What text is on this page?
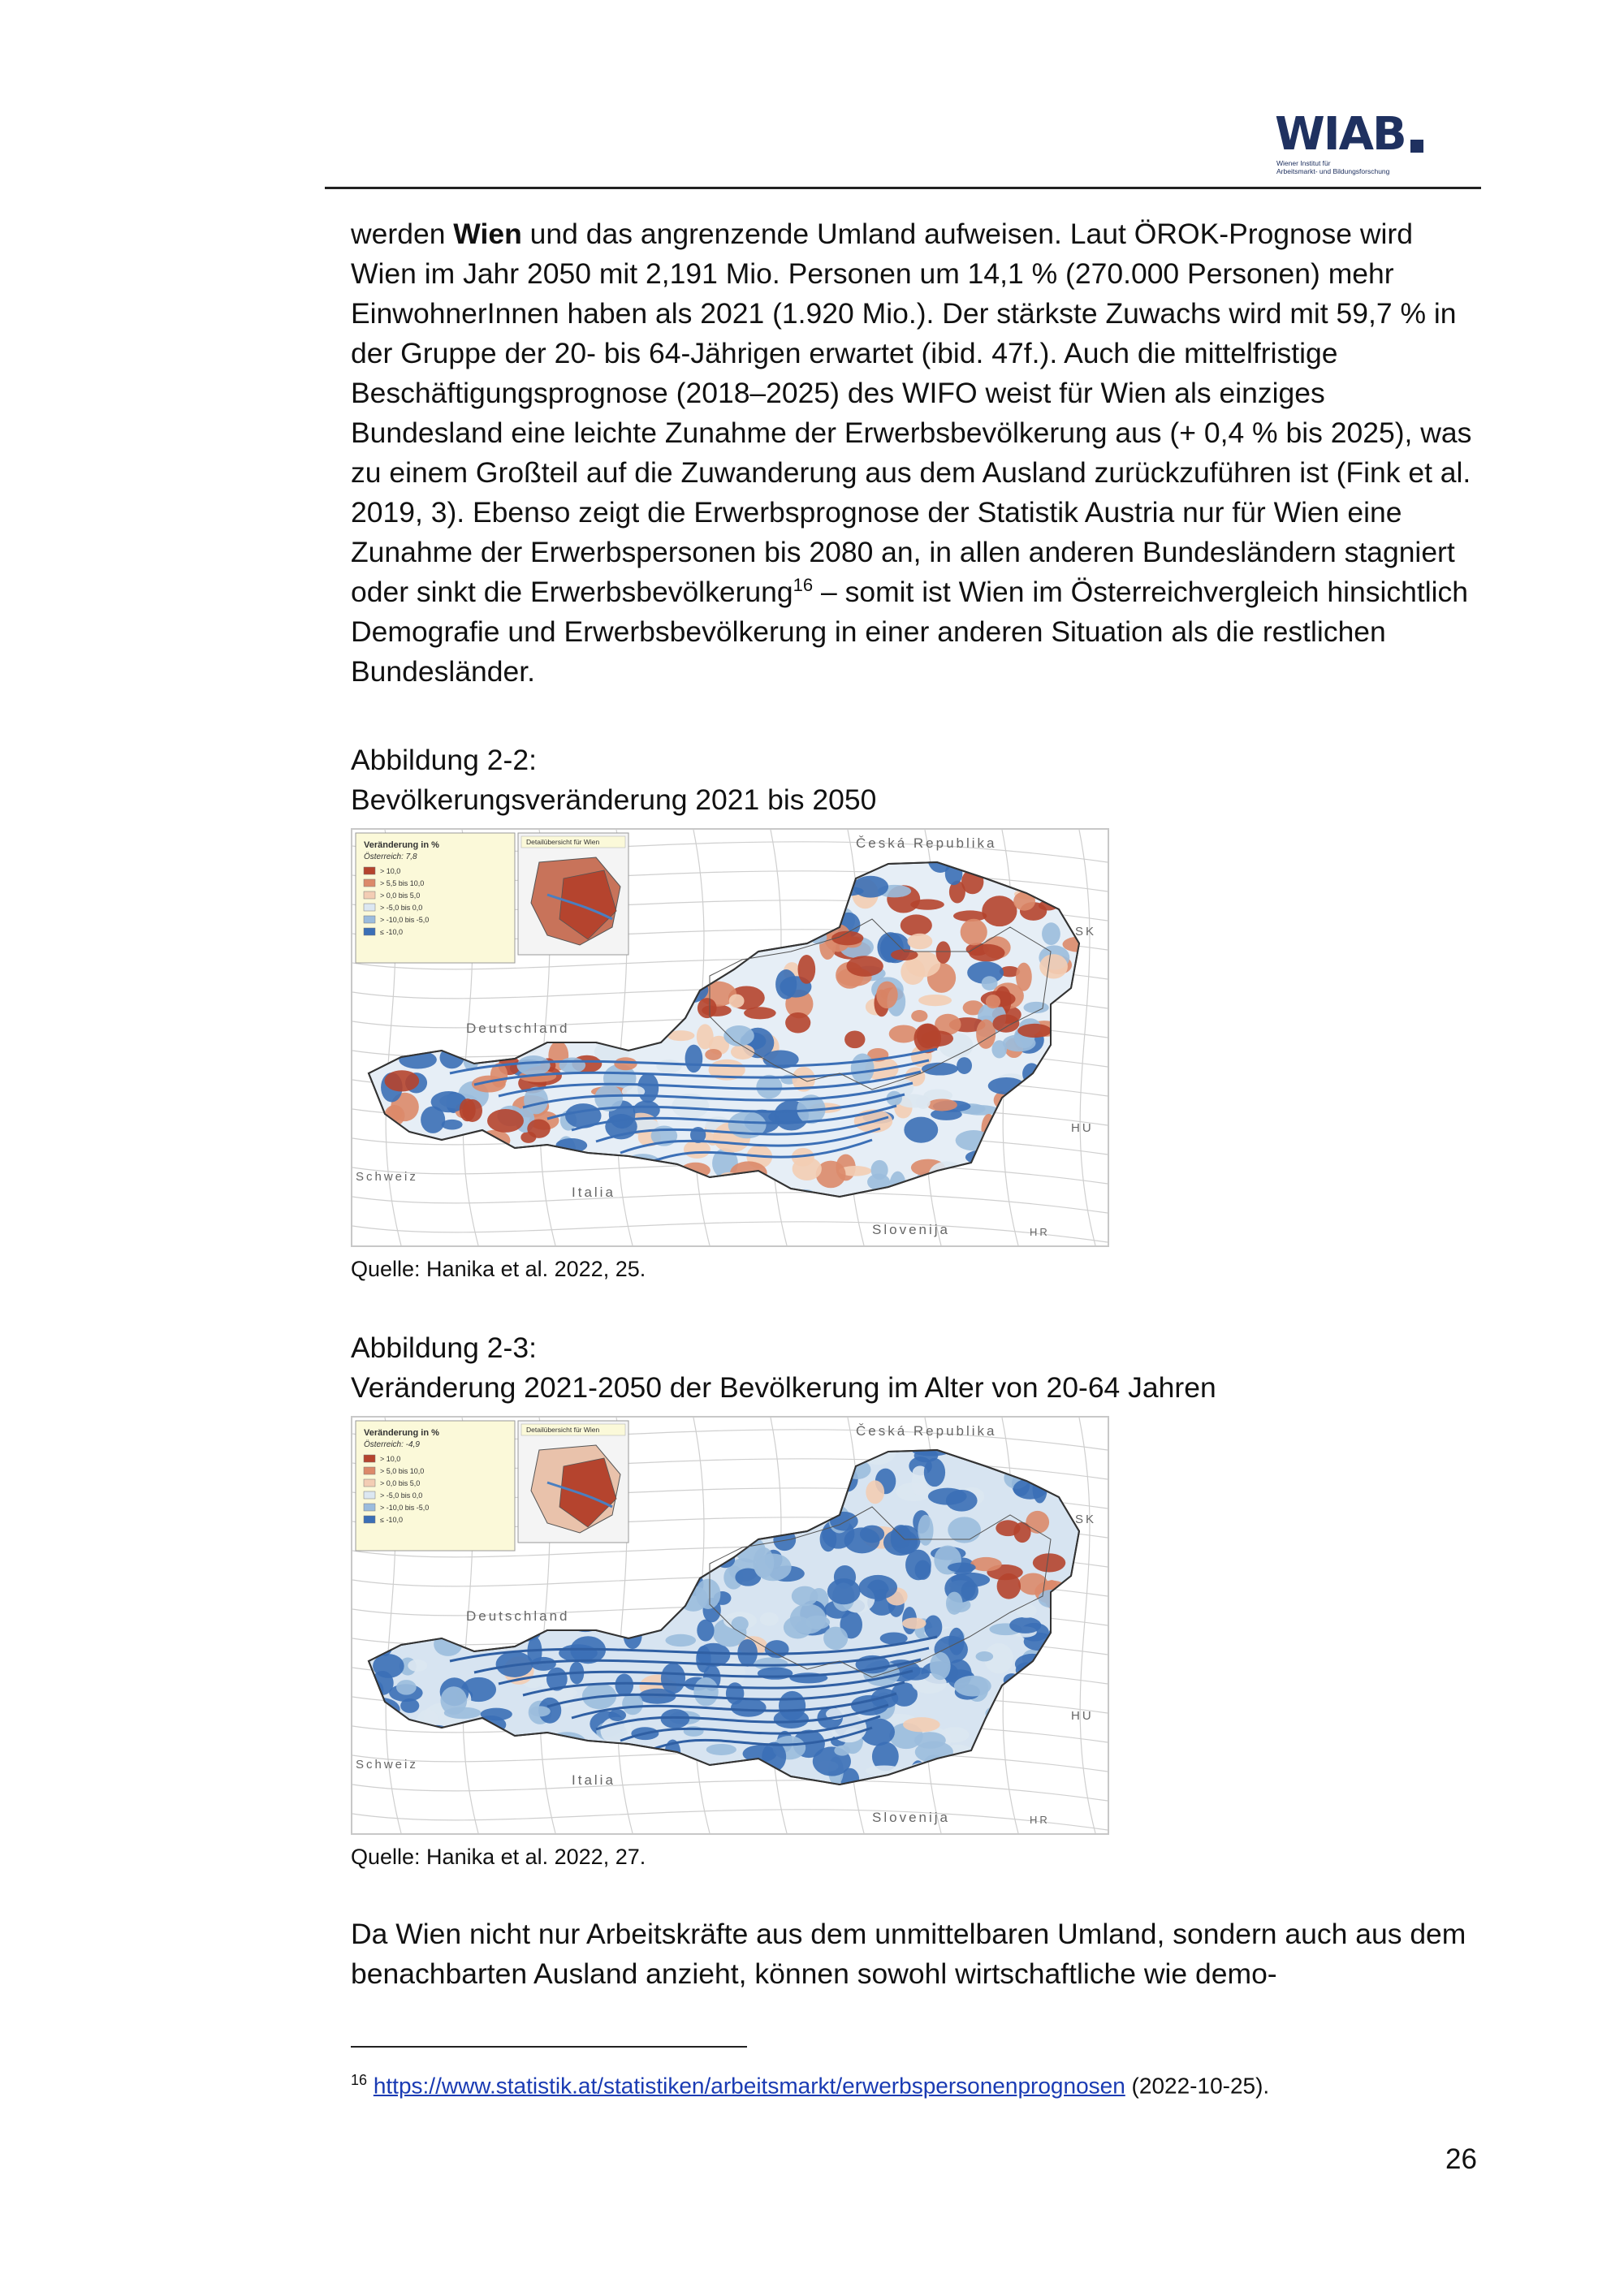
WIAB
Wiener Institut für
Arbeitsmarkt- und Bildungsforschung

werden Wien und das angrenzende Umland aufweisen. Laut ÖROK-Prognose wird Wien im Jahr 2050 mit 2,191 Mio. Personen um 14,1 % (270.000 Personen) mehr EinwohnerInnen haben als 2021 (1.920 Mio.). Der stärkste Zuwachs wird mit 59,7 % in der Gruppe der 20- bis 64-Jährigen erwartet (ibid. 47f.). Auch die mittelfristige Beschäftigungsprognose (2018–2025) des WIFO weist für Wien als einziges Bundesland eine leichte Zunahme der Erwerbsbevölkerung aus (+ 0,4 % bis 2025), was zu einem Großteil auf die Zuwanderung aus dem Ausland zurückzuführen ist (Fink et al. 2019, 3). Ebenso zeigt die Erwerbsprognose der Statistik Austria nur für Wien eine Zunahme der Erwerbspersonen bis 2080 an, in allen anderen Bundesländern stagniert oder sinkt die Erwerbsbevölkerung$^{16}$ – somit ist Wien im Österreichvergleich hinsichtlich Demografie und Erwerbsbevölkerung in einer anderen Situation als die restlichen Bundesländer.

Abbildung 2-2:
Bevölkerungsveränderung 2021 bis 2050
Veränderung in %
Österreich: 7,8
> 10,0
> 5,5 bis 10,0
> 0,0 bis 5,0
> -5,0 bis 0,0
> -10,0 bis -5,0
≤ -10,0
Detailübersicht für Wien	Česká Republika
Deutschland
Schweiz
Italia
Slovenija
SK
HU
HR
Quelle: Hanika et al. 2022, 25.
Abbildung 2-3:
Veränderung 2021-2050 der Bevölkerung im Alter von 20-64 Jahren
Veränderung in %
Österreich: -4,9
> 10,0
> 5,0 bis 10,0
> 0,0 bis 5,0
> -5,0 bis 0,0
> -10,0 bis -5,0
≤ -10,0
Detailübersicht für Wien	Česká Republika
Deutschland
Schweiz
Italia
Slovenija
SK
HU
HR
Quelle: Hanika et al. 2022, 27.

Da Wien nicht nur Arbeitskräfte aus dem unmittelbaren Umland, sondern auch aus dem benachbarten Ausland anzieht, können sowohl wirtschaftliche wie demo-

$^{16}$ https://www.statistik.at/statistiken/arbeitsmarkt/erwerbspersonenprognosen (2022-10-25).
26
